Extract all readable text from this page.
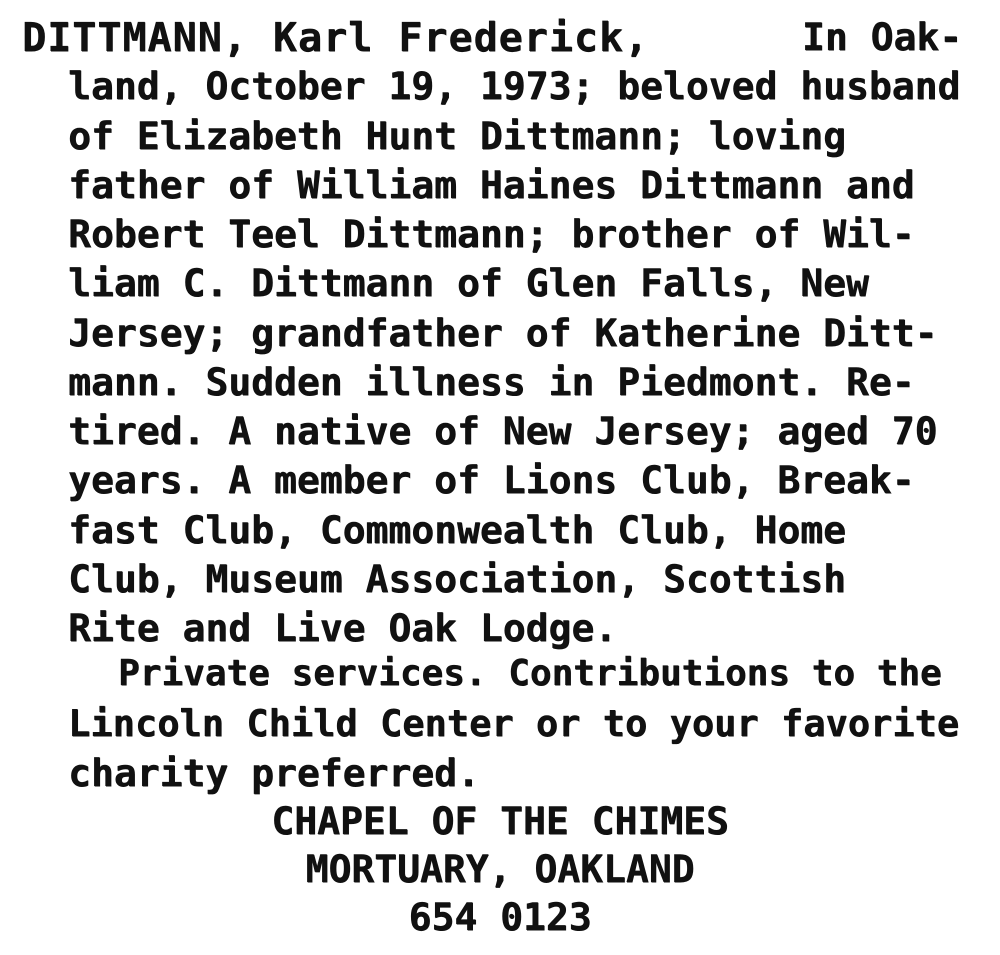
DITTMANN, Karl Frederick,	In Oak-
land, October 19, 1973; beloved husband
of Elizabeth Hunt Dittmann; loving
father of William Haines Dittmann and
Robert Teel Dittmann; brother of Wil-
liam C. Dittmann of Glen Falls, New
Jersey; grandfather of Katherine Ditt-
mann. Sudden illness in Piedmont. Re-
tired. A native of New Jersey; aged 70
years. A member of Lions Club, Break-
fast Club, Commonwealth Club, Home
Club, Museum Association, Scottish
Rite and Live Oak Lodge.
Private services. Contributions to the
Lincoln Child Center or to your favorite
charity preferred.
CHAPEL OF THE CHIMES
MORTUARY, OAKLAND
654 0123
